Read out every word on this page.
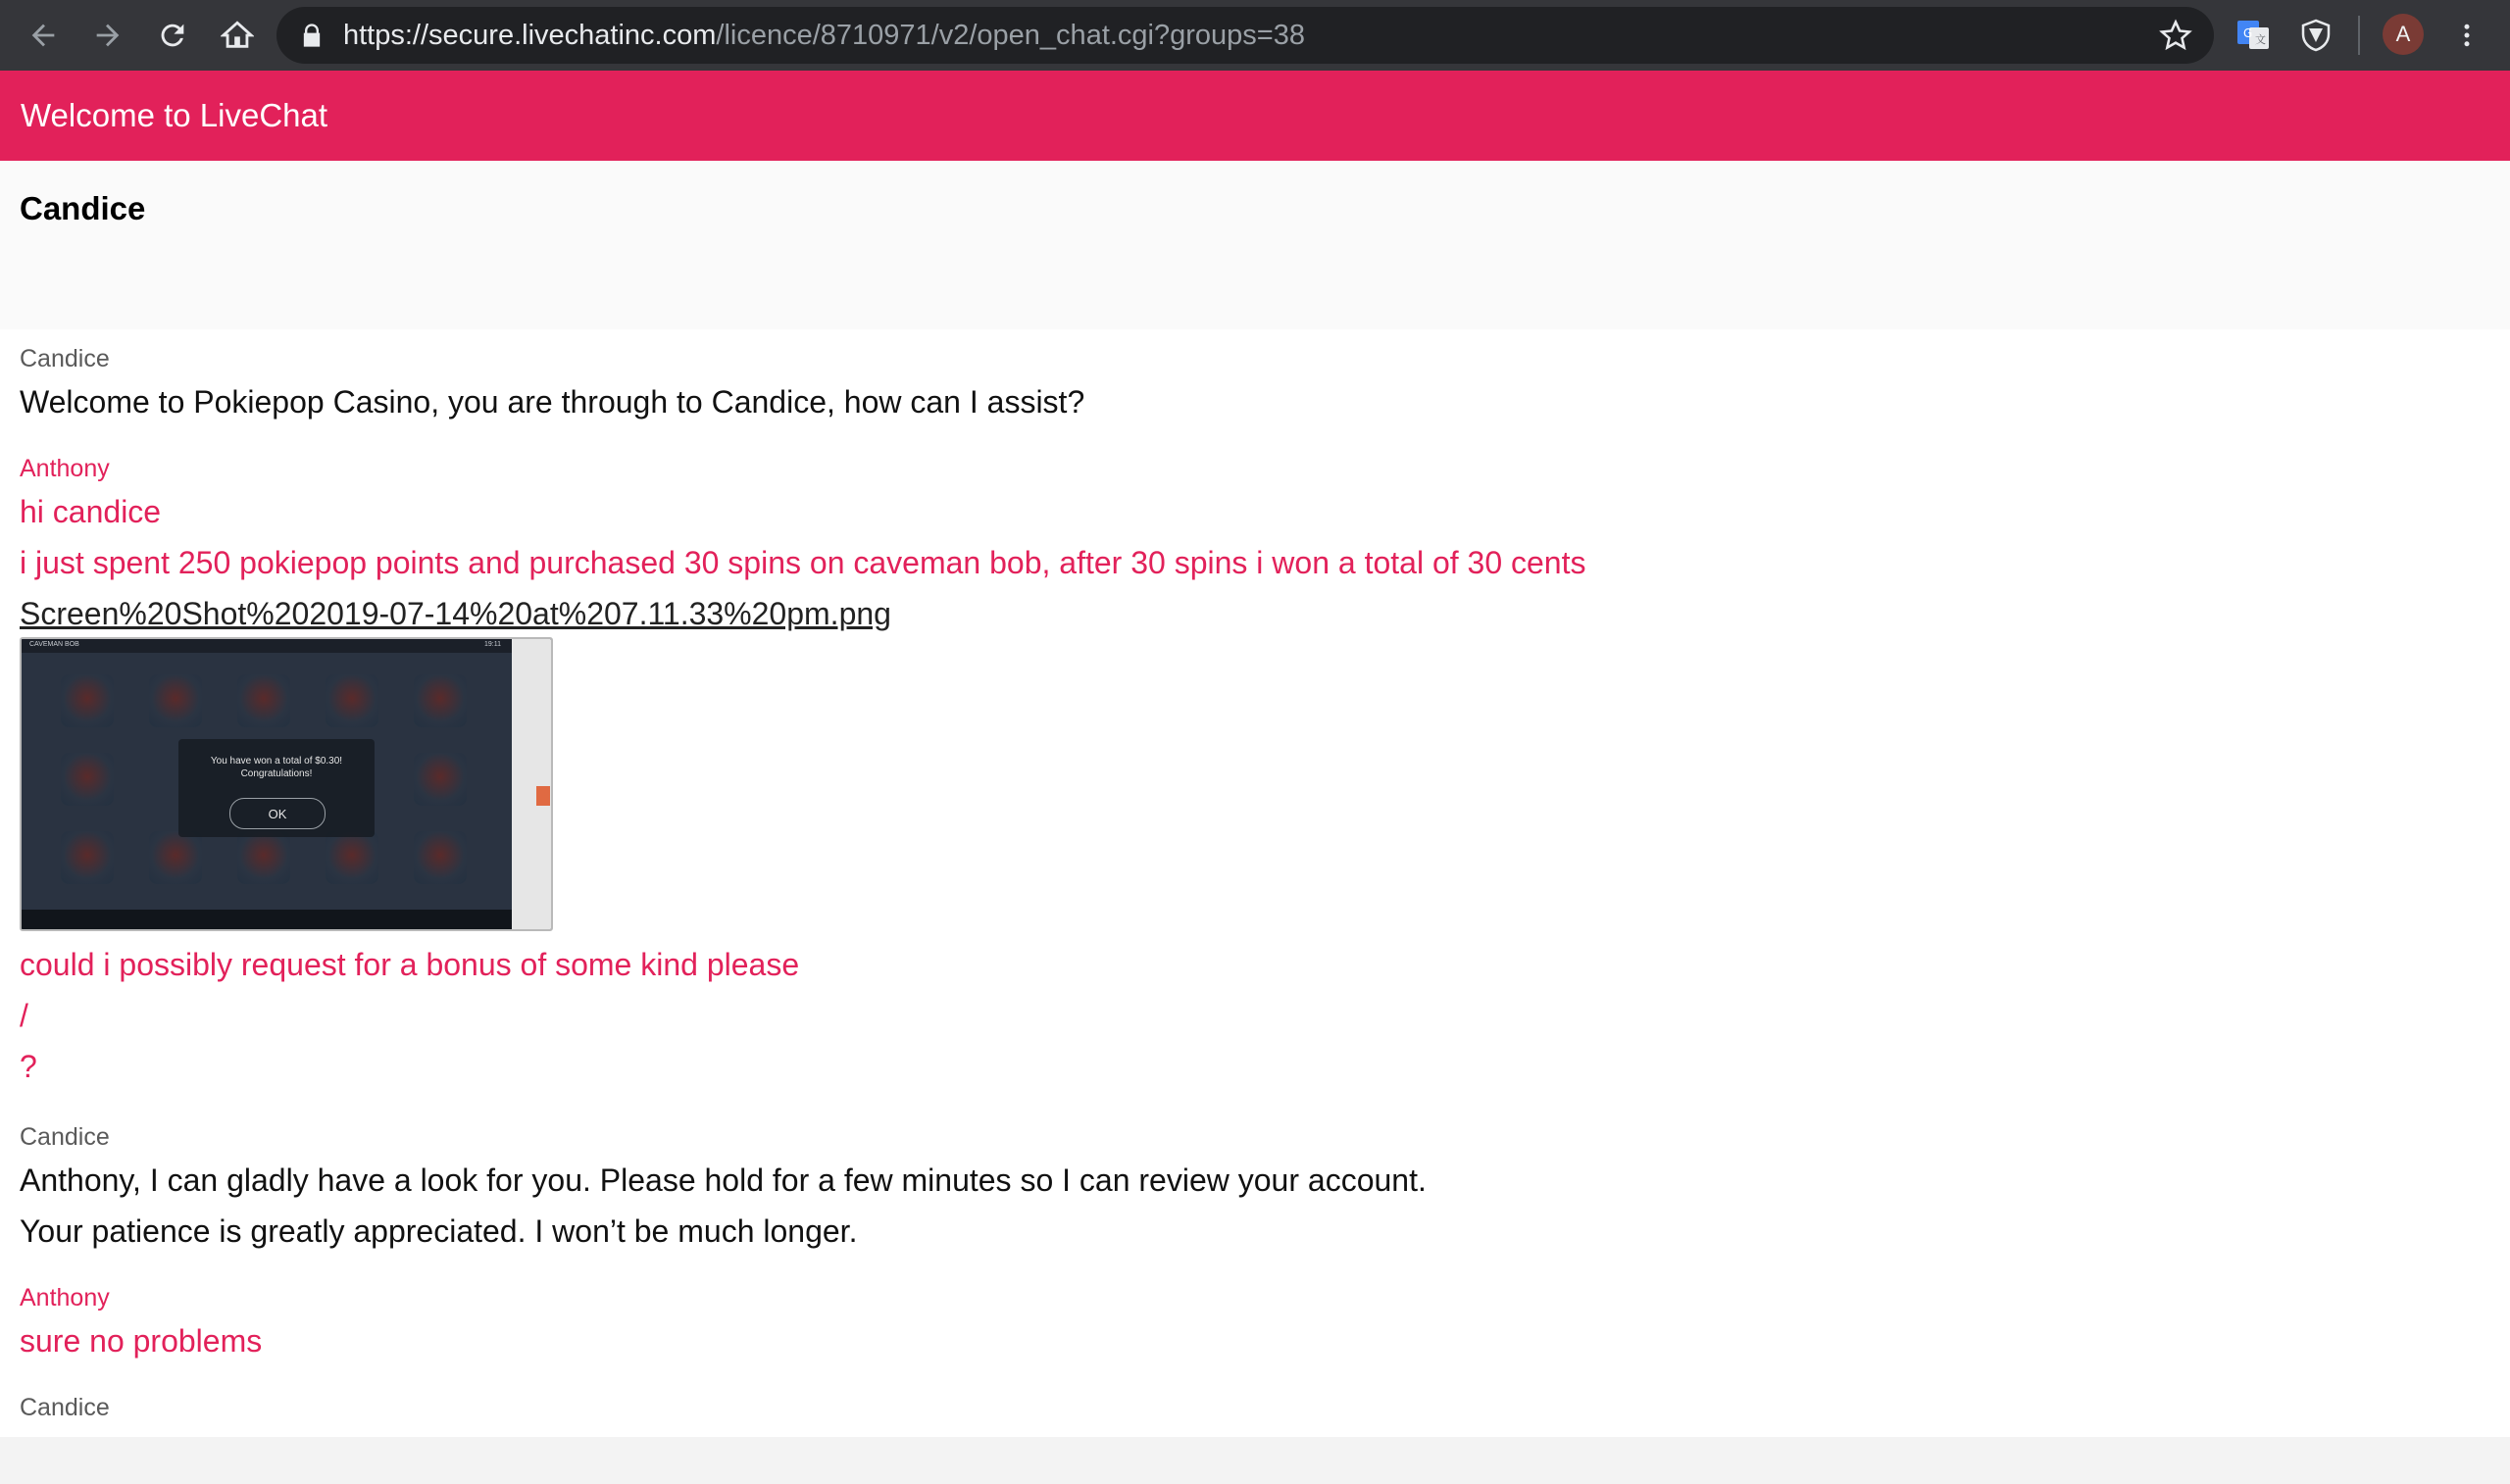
https://secure.livechatinc.com/licence/8710971/v2/open_chat.cgi?groups=38	G 文	A
Welcome to LiveChat
Candice
Candice
Welcome to Pokiepop Casino, you are through to Candice, how can I assist?
Anthony
hi candice
i just spent 250 pokiepop points and purchased 30 spins on caveman bob, after 30 spins i won a total of 30 cents
Screen%20Shot%202019-07-14%20at%207.11.33%20pm.png
CAVEMAN BOB	19:11
You have won a total of $0.30!
Congratulations!
OK
could i possibly request for a bonus of some kind please
/
?
Candice
Anthony, I can gladly have a look for you. Please hold for a few minutes so I can review your account.
Your patience is greatly appreciated. I won’t be much longer.
Anthony
sure no problems
Candice
